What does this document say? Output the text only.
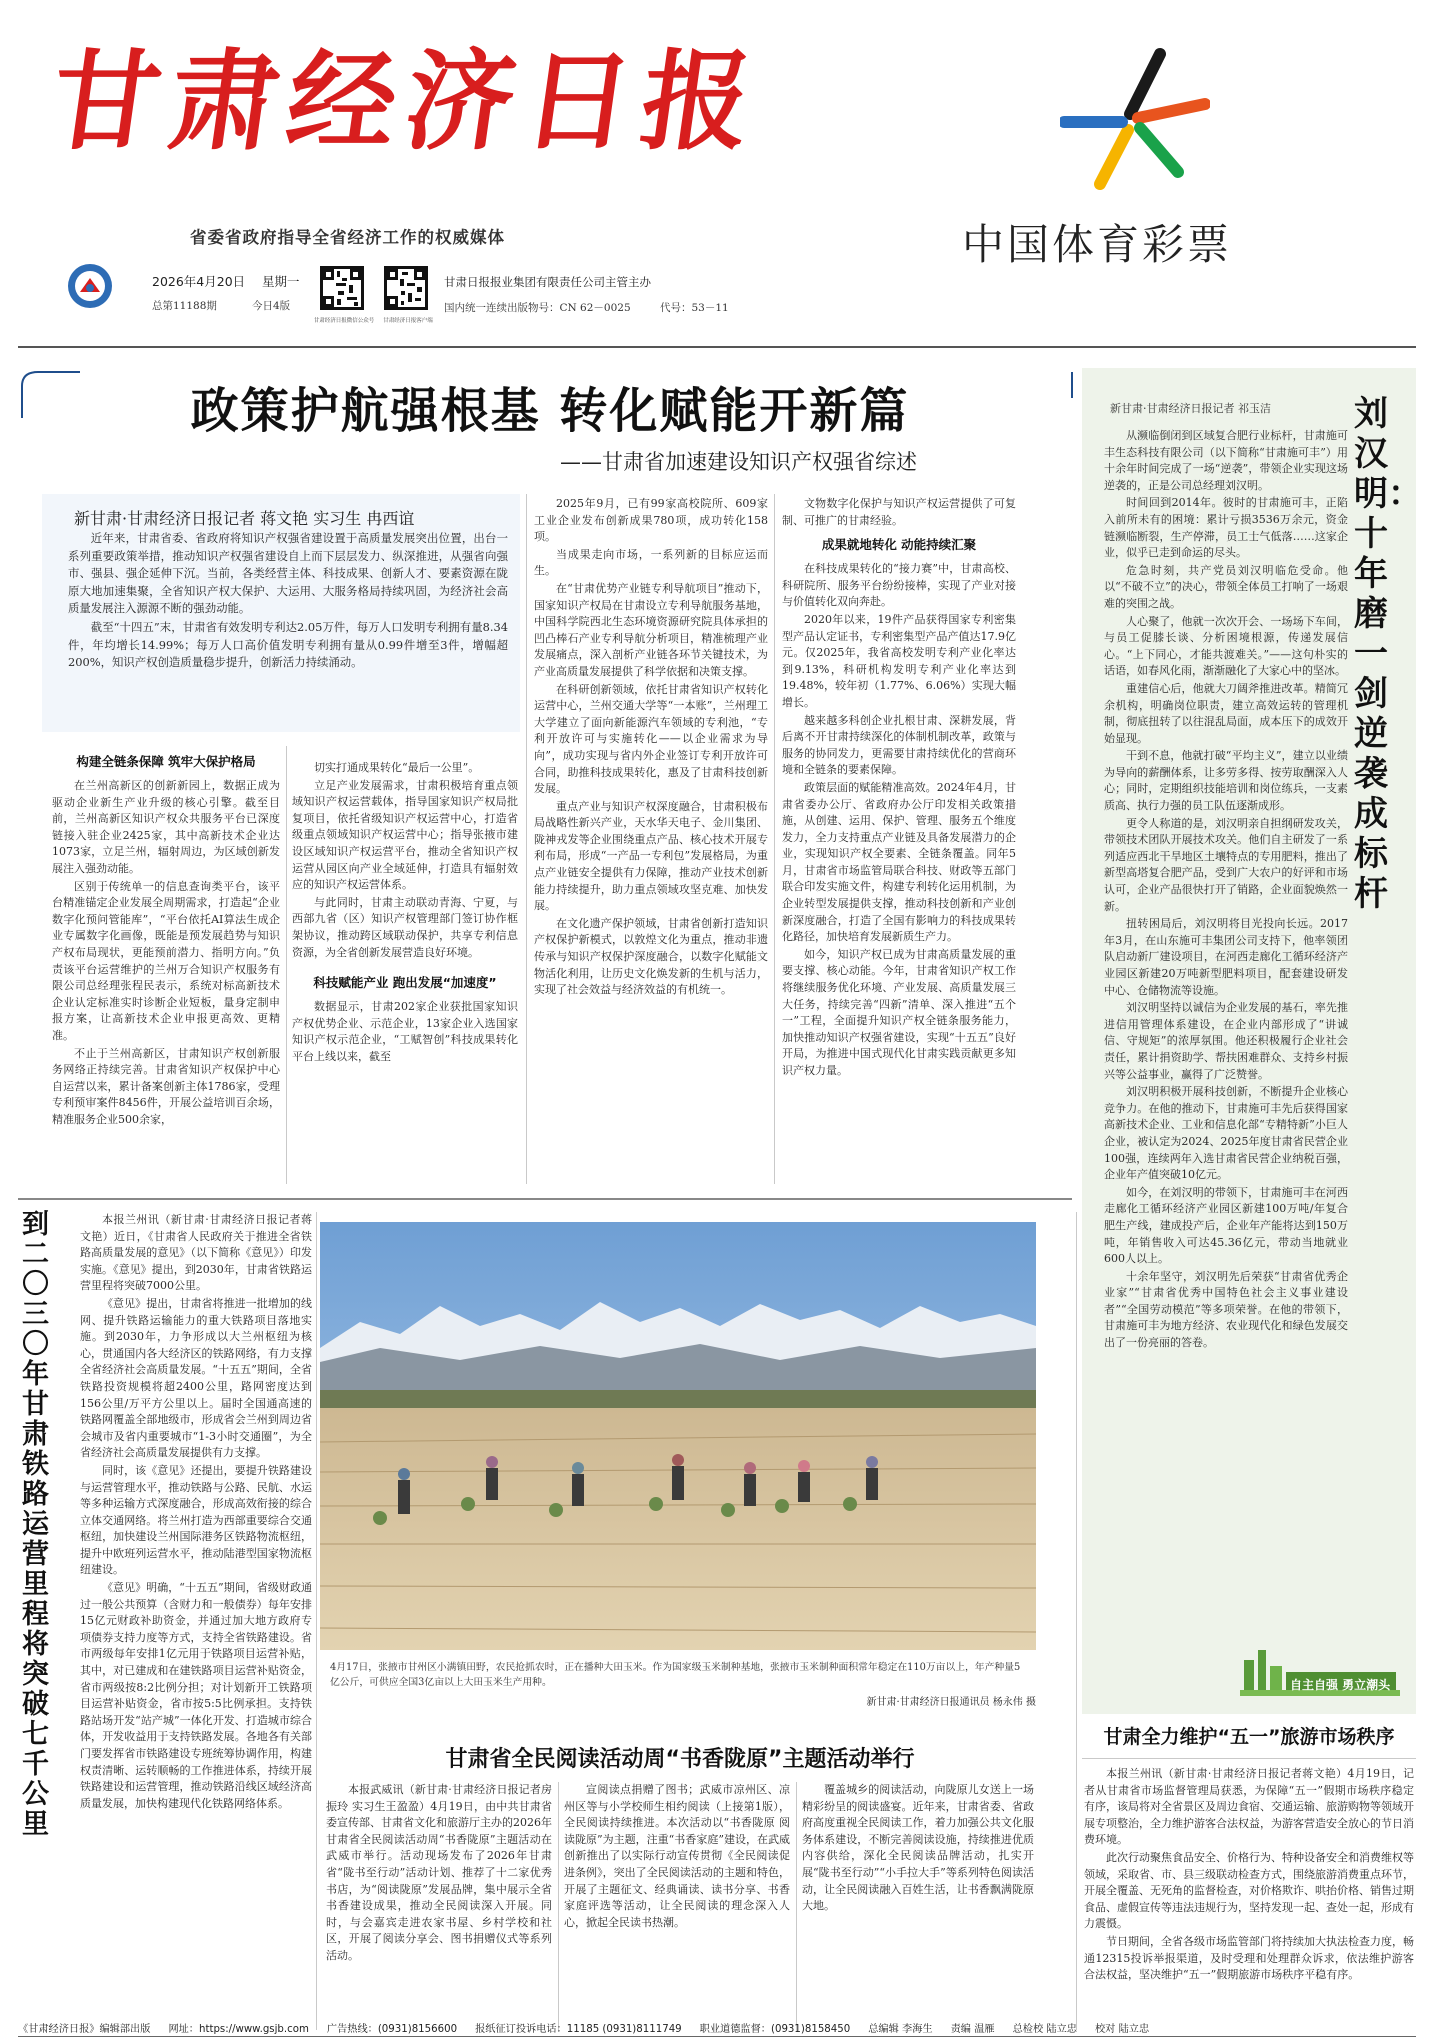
甘肃经济日报
省委省政府指导全省经济工作的权威媒体
2026年4月20日 星期一
总第11188期	今日4版
甘肃经济日报微信公众号	甘肃经济日报客户端
甘肃日报报业集团有限责任公司主管主办
国内统一连续出版物号：CN 62－0025	代号：53－11
中国体育彩票
政策护航强根基 转化赋能开新篇
——甘肃省加速建设知识产权强省综述
新甘肃·甘肃经济日报记者 蒋文艳 实习生 冉西谊

近年来，甘肃省委、省政府将知识产权强省建设置于高质量发展突出位置，出台一系列重要政策举措，推动知识产权强省建设自上而下层层发力、纵深推进，从强省向强市、强县、强企延伸下沉。当前，各类经营主体、科技成果、创新人才、要素资源在陇原大地加速集聚，全省知识产权大保护、大运用、大服务格局持续巩固，为经济社会高质量发展注入源源不断的强劲动能。

截至“十四五”末，甘肃省有效发明专利达2.05万件，每万人口发明专利拥有量8.34件，年均增长14.99%；每万人口高价值发明专利拥有量从0.99件增至3件，增幅超200%，知识产权创造质量稳步提升，创新活力持续涌动。

构建全链条保障 筑牢大保护格局

在兰州高新区的创新新园上，数据正成为驱动企业新生产业升级的核心引擎。截至目前，兰州高新区知识产权众共服务平台已深度链接入驻企业2425家，其中高新技术企业达1073家，立足兰州，辐射周边，为区域创新发展注入强劲动能。

区别于传统单一的信息查询类平台，该平台精准锚定企业发展全周期需求，打造起“企业数字化预问管能库”，“平台依托AI算法生成企业专属数字化画像，既能是预发展趋势与知识产权布局现状，更能预前潜力、指明方向。”负责该平台运营维护的兰州万合知识产权服务有限公司总经理张程民表示，系统对标高新技术企业认定标准实时诊断企业短板，量身定制申报方案，让高新技术企业申报更高效、更精准。

不止于兰州高新区，甘肃知识产权创新服务网络正持续完善。甘肃省知识产权保护中心自运营以来，累计备案创新主体1786家，受理专利预审案件8456件，开展公益培训百余场，精准服务企业500余家，

切实打通成果转化“最后一公里”。

立足产业发展需求，甘肃积极培育重点领域知识产权运营载体，指导国家知识产权局批复项目，依托省级知识产权运营中心，打造省级重点领域知识产权运营中心；指导张掖市建设区域知识产权运营平台，推动全省知识产权运营从园区向产业全域延伸，打造具有辐射效应的知识产权运营体系。

与此同时，甘肃主动联动青海、宁夏，与西部九省（区）知识产权管理部门签订协作框架协议，推动跨区域联动保护，共享专利信息资源，为全省创新发展营造良好环境。

科技赋能产业 跑出发展“加速度”

数据显示，甘肃202家企业获批国家知识产权优势企业、示范企业，13家企业入选国家知识产权示范企业，“工赋智创”科技成果转化平台上线以来，截至

2025年9月，已有99家高校院所、609家工业企业发布创新成果780项，成功转化158项。

当成果走向市场，一系列新的目标应运而生。

在“甘肃优势产业链专利导航项目”推动下，国家知识产权局在甘肃设立专利导航服务基地，中国科学院西北生态环境资源研究院具体承担的凹凸棒石产业专利导航分析项目，精准梳理产业发展痛点，深入剖析产业链各环节关键技术，为产业高质量发展提供了科学依据和决策支撑。

在科研创新领域，依托甘肃省知识产权转化运营中心，兰州交通大学等“一本账”，兰州理工大学建立了面向新能源汽车领域的专利池，“专利开放许可与实施转化——以企业需求为导向”，成功实现与省内外企业签订专利开放许可合同，助推科技成果转化，惠及了甘肃科技创新发展。

重点产业与知识产权深度融合，甘肃积极布局战略性新兴产业，天水华天电子、金川集团、陇神戎发等企业围绕重点产品、核心技术开展专利布局，形成“一产品一专利包”发展格局，为重点产业链安全提供有力保障，推动产业技术创新能力持续提升，助力重点领域攻坚克难、加快发展。

在文化遗产保护领域，甘肃省创新打造知识产权保护新模式，以敦煌文化为重点，推动非遗传承与知识产权保护深度融合，以数字化赋能文物活化利用，让历史文化焕发新的生机与活力，实现了社会效益与经济效益的有机统一。

文物数字化保护与知识产权运营提供了可复制、可推广的甘肃经验。

成果就地转化 动能持续汇聚

在科技成果转化的“接力赛”中，甘肃高校、科研院所、服务平台纷纷接棒，实现了产业对接与价值转化双向奔赴。

2020年以来，19件产品获得国家专利密集型产品认定证书，专利密集型产品产值达17.9亿元。仅2025年，我省高校发明专利产业化率达到9.13%，科研机构发明专利产业化率达到19.48%，较年初（1.77%、6.06%）实现大幅增长。

越来越多科创企业扎根甘肃、深耕发展，背后离不开甘肃持续深化的体制机制改革，政策与服务的协同发力，更需要甘肃持续优化的营商环境和全链条的要素保障。

政策层面的赋能精准高效。2024年4月，甘肃省委办公厅、省政府办公厅印发相关政策措施，从创建、运用、保护、管理、服务五个维度发力，全力支持重点产业链及具备发展潜力的企业，实现知识产权全要素、全链条覆盖。同年5月，甘肃省市场监管局联合科技、财政等五部门联合印发实施文件，构建专利转化运用机制，为企业转型发展提供支撑，推动科技创新和产业创新深度融合，打造了全国有影响力的科技成果转化路径，加快培育发展新质生产力。

如今，知识产权已成为甘肃高质量发展的重要支撑、核心动能。今年，甘肃省知识产权工作将继续服务优化环境、产业发展、高质量发展三大任务，持续完善“四新”清单、深入推进“五个一”工程，全面提升知识产权全链条服务能力，加快推动知识产权强省建设，实现“十五五”良好开局，为推进中国式现代化甘肃实践贡献更多知识产权力量。

新甘肃·甘肃经济日报记者 祁玉洁 刘汉明：十年磨一剑 逆袭成标杆

从濒临倒闭到区域复合肥行业标杆，甘肃施可丰生态科技有限公司（以下简称“甘肃施可丰”）用十余年时间完成了一场“逆袭”，带领企业实现这场逆袭的，正是公司总经理刘汉明。

时间回到2014年。彼时的甘肃施可丰，正陷入前所未有的困境：累计亏损3536万余元，资金链濒临断裂，生产停滞，员工士气低落……这家企业，似乎已走到命运的尽头。

危急时刻，共产党员刘汉明临危受命。他以“不破不立”的决心，带领全体员工打响了一场艰难的突围之战。

人心聚了，他就一次次开会、一场场下车间，与员工促膝长谈、分析困境根源，传递发展信心。“上下同心，才能共渡难关。”——这句朴实的话语，如春风化雨，渐渐融化了大家心中的坚冰。

重建信心后，他就大刀阔斧推进改革。精简冗余机构，明确岗位职责，建立高效运转的管理机制，彻底扭转了以往混乱局面，成本压下的成效开始显现。

干到不息，他就打破“平均主义”，建立以业绩为导向的薪酬体系，让多劳多得、按劳取酬深入人心；同时，定期组织技能培训和岗位练兵，一支素质高、执行力强的员工队伍逐渐成形。

更令人称道的是，刘汉明亲自担纲研发攻关，带领技术团队开展技术攻关。他们自主研发了一系列适应西北干旱地区土壤特点的专用肥料，推出了新型高塔复合肥产品，受到广大农户的好评和市场认可，企业产品很快打开了销路，企业面貌焕然一新。

扭转困局后，刘汉明将目光投向长远。2017年3月，在山东施可丰集团公司支持下，他率领团队启动新厂建设项目，在河西走廊化工循环经济产业园区新建20万吨新型肥料项目，配套建设研发中心、仓储物流等设施。

刘汉明坚持以诚信为企业发展的基石，率先推进信用管理体系建设，在企业内部形成了“讲诚信、守规矩”的浓厚氛围。他还积极履行企业社会责任，累计捐资助学、帮扶困难群众、支持乡村振兴等公益事业，赢得了广泛赞誉。

刘汉明积极开展科技创新，不断提升企业核心竞争力。在他的推动下，甘肃施可丰先后获得国家高新技术企业、工业和信息化部“专精特新”小巨人企业，被认定为2024、2025年度甘肃省民营企业100强，连续两年入选甘肃省民营企业纳税百强，企业年产值突破10亿元。

如今，在刘汉明的带领下，甘肃施可丰在河西走廊化工循环经济产业园区新建100万吨/年复合肥生产线，建成投产后，企业年产能将达到150万吨，年销售收入可达45.36亿元，带动当地就业600人以上。

十余年坚守，刘汉明先后荣获“甘肃省优秀企业家”“甘肃省优秀中国特色社会主义事业建设者”“全国劳动模范”等多项荣誉。在他的带领下，甘肃施可丰为地方经济、农业现代化和绿色发展交出了一份亮丽的答卷。

自主自强 勇立潮头
到二〇三〇年甘肃铁路运营里程将突破七千公里

本报兰州讯（新甘肃·甘肃经济日报记者蒋文艳）近日，《甘肃省人民政府关于推进全省铁路高质量发展的意见》（以下简称《意见》）印发实施。《意见》提出，到2030年，甘肃省铁路运营里程将突破7000公里。

《意见》提出，甘肃省将推进一批增加的线网、提升铁路运输能力的重大铁路项目落地实施。到2030年，力争形成以大兰州枢纽为核心，贯通国内各大经济区的铁路网络，有力支撑全省经济社会高质量发展。“十五五”期间，全省铁路投资规模将超2400公里，路网密度达到156公里/万平方公里以上。届时全国通高速的铁路网覆盖全部地级市，形成省会兰州到周边省会城市及省内重要城市“1-3小时交通圈”，为全省经济社会高质量发展提供有力支撑。

同时，该《意见》还提出，要提升铁路建设与运营管理水平，推动铁路与公路、民航、水运等多种运输方式深度融合，形成高效衔接的综合立体交通网络。将兰州打造为西部重要综合交通枢纽，加快建设兰州国际港务区铁路物流枢纽，提升中欧班列运营水平，推动陆港型国家物流枢纽建设。

《意见》明确，“十五五”期间，省级财政通过一般公共预算（含财力和一般债券）每年安排15亿元财政补助资金，并通过加大地方政府专项债券支持力度等方式，支持全省铁路建设。省市两级每年安排1亿元用于铁路项目运营补贴，其中，对已建成和在建铁路项目运营补贴资金，省市两级按8:2比例分担；对计划新开工铁路项目运营补贴资金，省市按5:5比例承担。支持铁路站场开发“站产城”一体化开发、打造城市综合体，开发收益用于支持铁路发展。各地各有关部门要发挥省市铁路建设专班统筹协调作用，构建权责清晰、运转顺畅的工作推进体系，持续开展铁路建设和运营管理，推动铁路沿线区域经济高质量发展，加快构建现代化铁路网络体系。

4月17日，张掖市甘州区小满镇田野，农民抢抓农时，正在播种大田玉米。作为国家级玉米制种基地，张掖市玉米制种面积常年稳定在110万亩以上，年产种量5亿公斤，可供应全国3亿亩以上大田玉米生产用种。
新甘肃·甘肃经济日报通讯员 杨永伟 摄
甘肃省全民阅读活动周“书香陇原”主题活动举行

本报武威讯（新甘肃·甘肃经济日报记者房振玲 实习生王盈盈）4月19日，由中共甘肃省委宣传部、甘肃省文化和旅游厅主办的2026年甘肃省全民阅读活动周“书香陇原”主题活动在武威市举行。活动现场发布了2026年甘肃省“陇书至行动”活动计划、推荐了十二家优秀书店，为“阅读陇原”发展品牌，集中展示全省书香建设成果，推动全民阅读深入开展。同时，与会嘉宾走进农家书屋、乡村学校和社区，开展了阅读分享会、图书捐赠仪式等系列活动。

宣阅读点捐赠了图书；武威市凉州区、凉州区等与小学校师生相约阅读（上接第1版），全民阅读持续推进。本次活动以“书香陇原 阅读陇原”为主题，注重“书香家庭”建设，在武威创新推出了以实际行动宣传贯彻《全民阅读促进条例》，突出了全民阅读活动的主题和特色，开展了主题征文、经典诵读、读书分享、书香家庭评选等活动，让全民阅读的理念深入人心，掀起全民读书热潮。

覆盖城乡的阅读活动，向陇原儿女送上一场精彩纷呈的阅读盛宴。近年来，甘肃省委、省政府高度重视全民阅读工作，着力加强公共文化服务体系建设，不断完善阅读设施，持续推进优质内容供给，深化全民阅读品牌活动，扎实开展“陇书至行动”“小手拉大手”等系列特色阅读活动，让全民阅读融入百姓生活，让书香飘满陇原大地。

甘肃全力维护“五一”旅游市场秩序

本报兰州讯（新甘肃·甘肃经济日报记者蒋文艳）4月19日，记者从甘肃省市场监督管理局获悉，为保障“五一”假期市场秩序稳定有序，该局将对全省景区及周边食宿、交通运输、旅游购物等领域开展专项整治，全力维护游客合法权益，为游客营造安全放心的节日消费环境。

此次行动聚焦食品安全、价格行为、特种设备安全和消费维权等领域，采取省、市、县三级联动检查方式，围绕旅游消费重点环节，开展全覆盖、无死角的监督检查，对价格欺诈、哄抬价格、销售过期食品、虚假宣传等违法违规行为，坚持发现一起、查处一起，形成有力震慑。

节日期间，全省各级市场监管部门将持续加大执法检查力度，畅通12315投诉举报渠道，及时受理和处理群众诉求，依法维护游客合法权益，坚决维护“五一”假期旅游市场秩序平稳有序。

《甘肃经济日报》编辑部出版 网址：https://www.gsjb.com 广告热线：(0931)8156600 报纸征订投诉电话：11185 (0931)8111749 职业道德监督：(0931)8158450 总编辑 李海生 责编 温雁 总检校 陆立忠 校对 陆立忠
